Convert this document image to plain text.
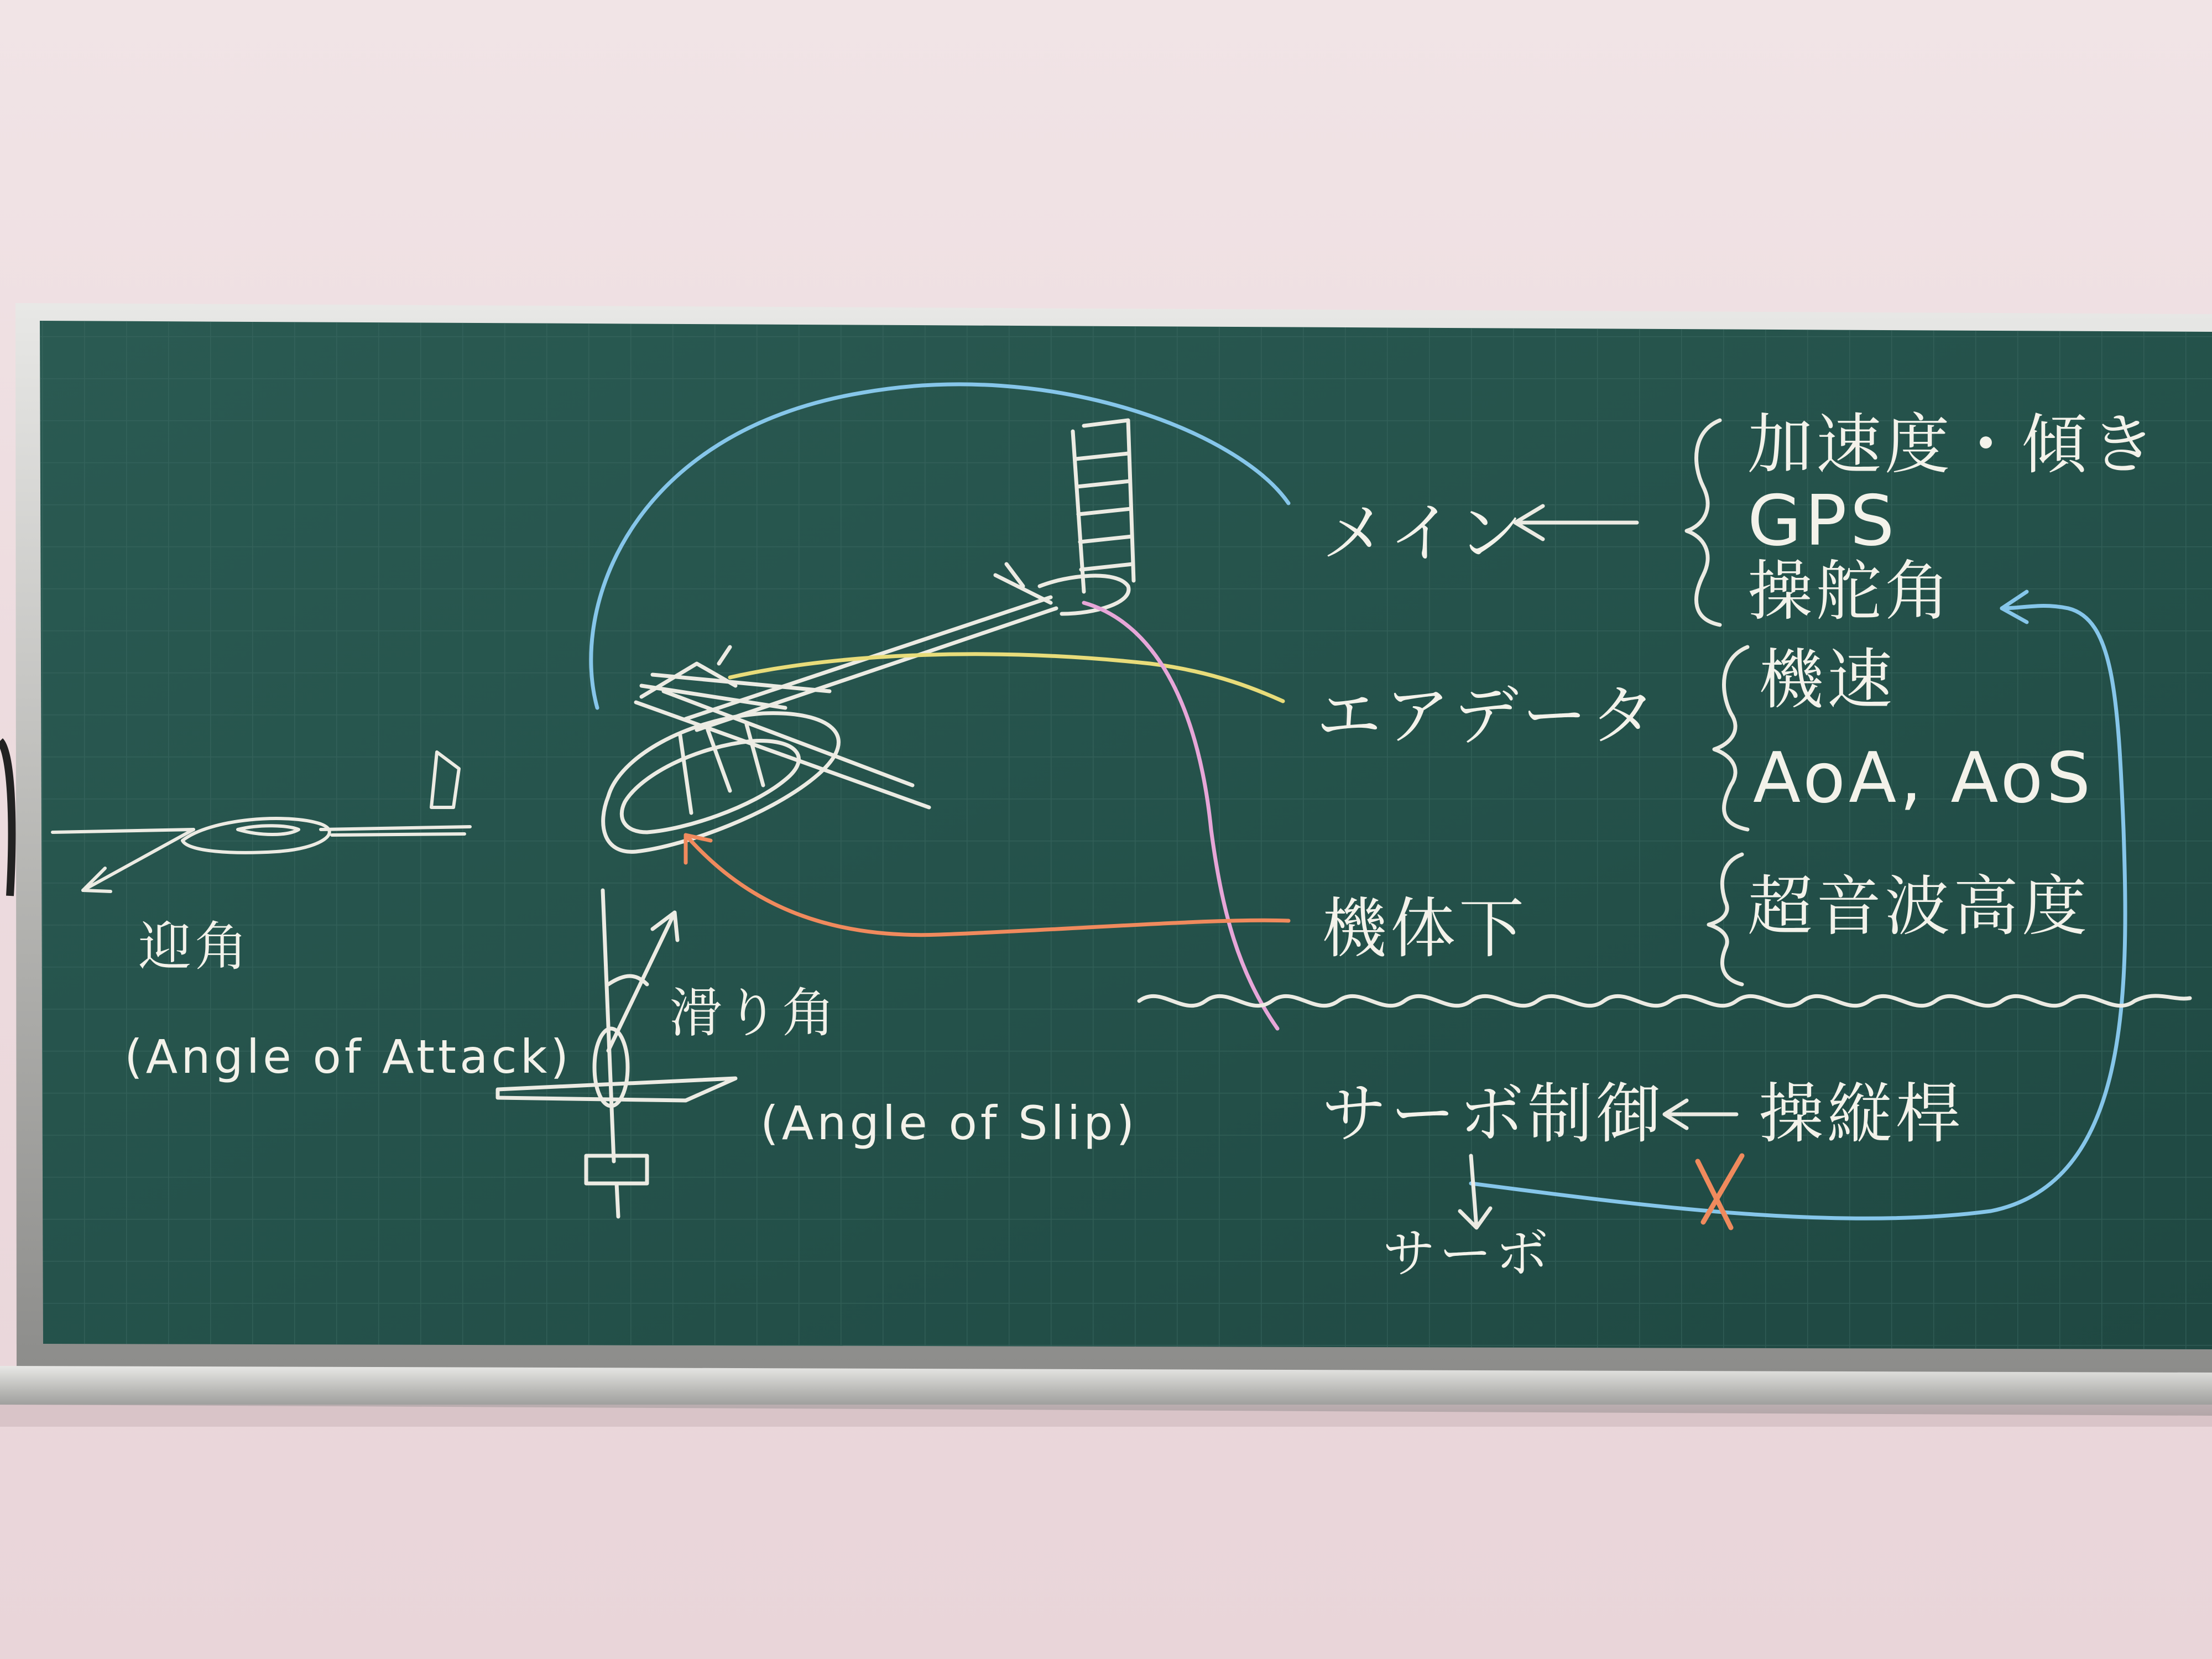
メイン
エアデータ
機体下
サーボ制御
サーボ
操縦桿
加速度・傾き
GPS
操舵角
機速
AoA, AoS
超音波高度
迎角
(Angle of Attack)
滑り角
(Angle of Slip)
